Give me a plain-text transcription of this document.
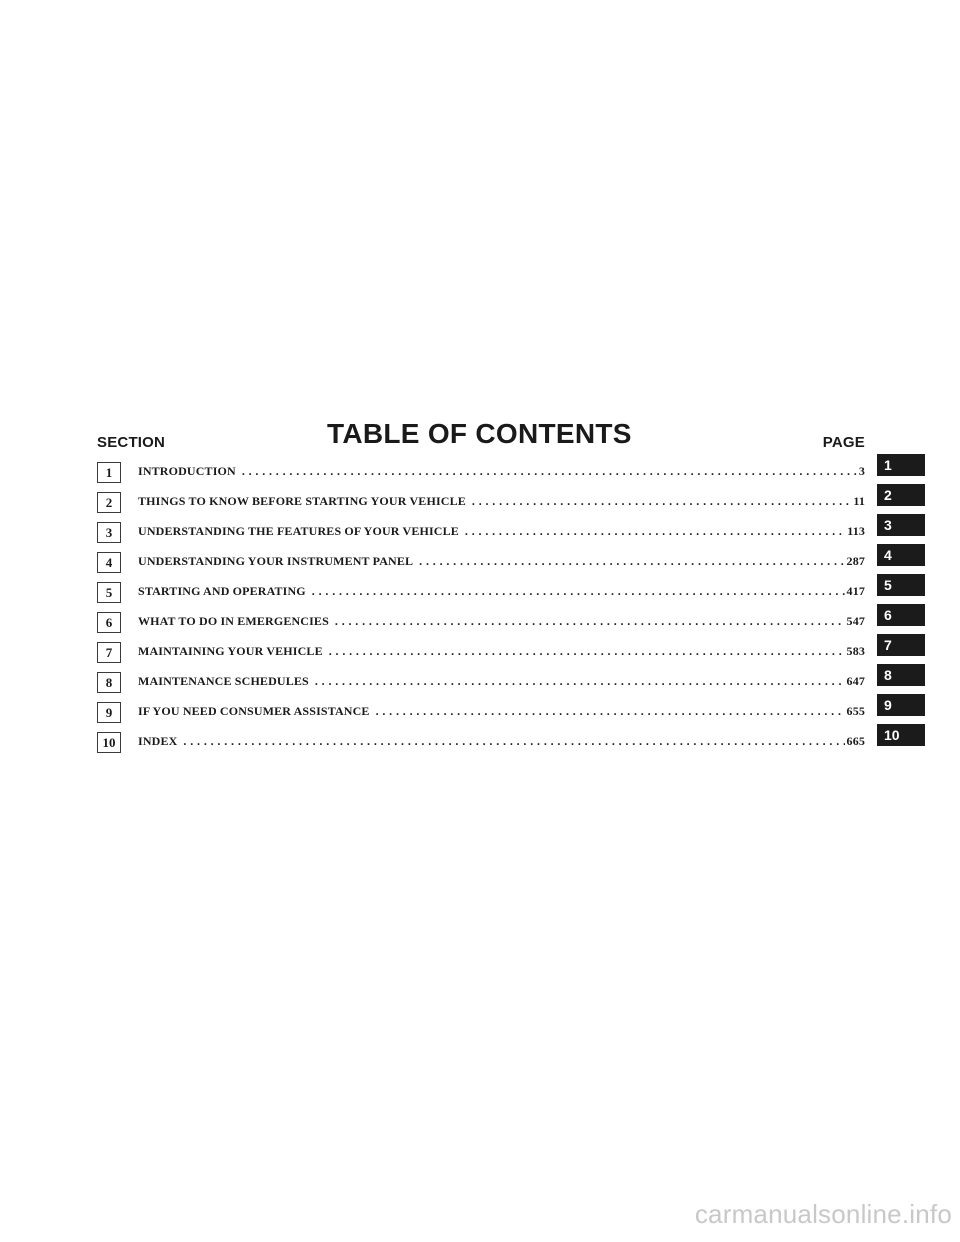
SECTION	TABLE OF CONTENTS	PAGE
1	INTRODUCTION . . .	3	1
2	THINGS TO KNOW BEFORE STARTING YOUR VEHICLE . . .	11	2
3	UNDERSTANDING THE FEATURES OF YOUR VEHICLE . . .	113	3
4	UNDERSTANDING YOUR INSTRUMENT PANEL . . .	287	4
5	STARTING AND OPERATING . . .	417	5
6	WHAT TO DO IN EMERGENCIES . . .	547	6
7	MAINTAINING YOUR VEHICLE . . .	583	7
8	MAINTENANCE SCHEDULES . . .	647	8
9	IF YOU NEED CONSUMER ASSISTANCE . . .	655	9
10	INDEX . . .	665	10
carmanualsonline.info
